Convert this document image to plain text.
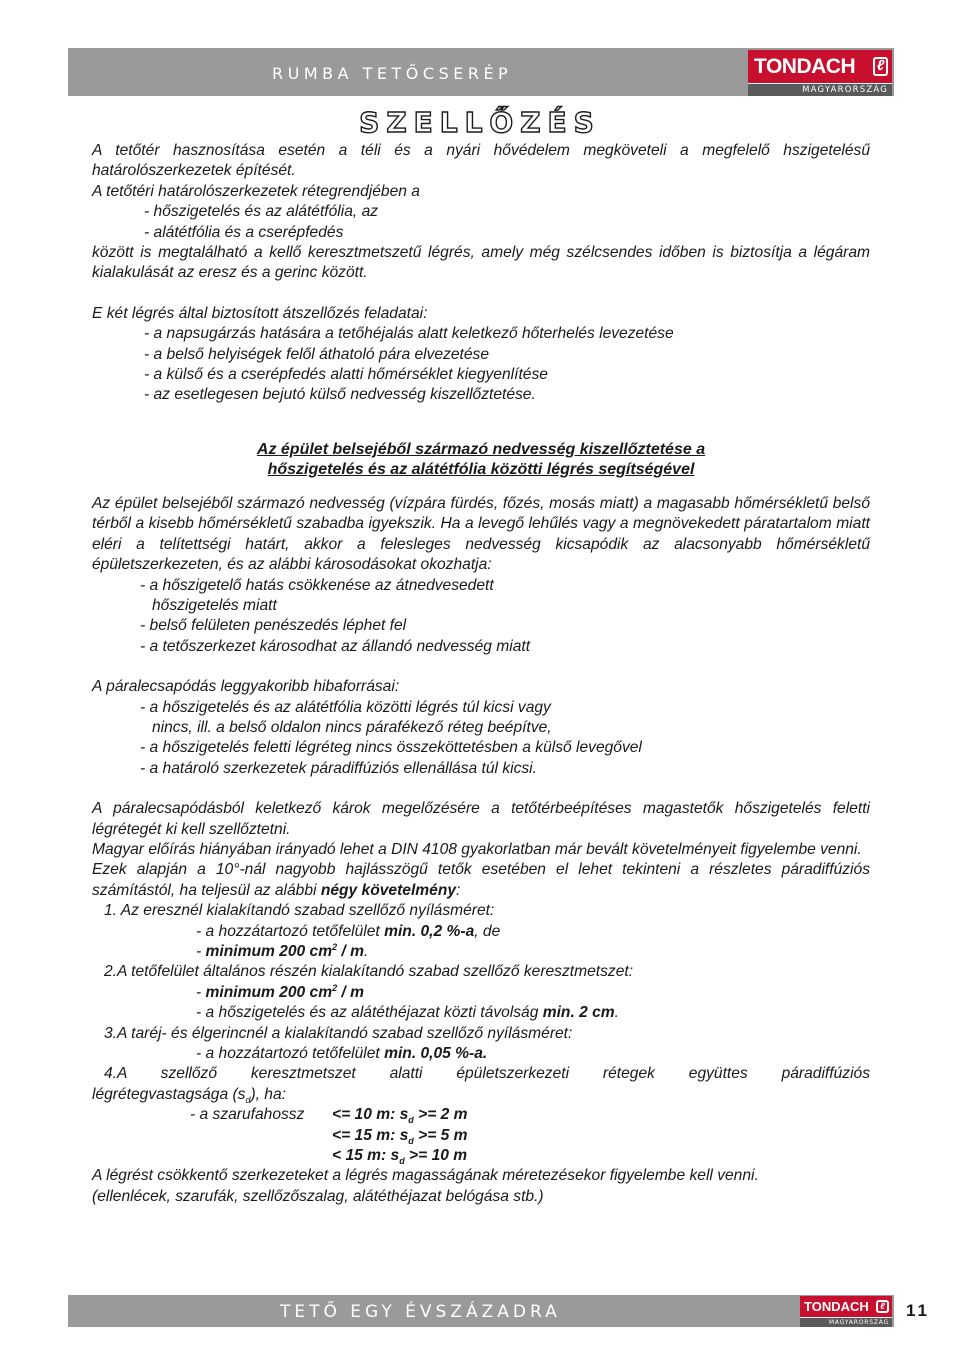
RUMBA TETŐCSERÉP	TONDACH ℓ
MAGYARORSZÁG
SZELLŐZÉS

A tetőtér hasznosítása esetén a téli és a nyári hővédelem megköveteli a megfelelő hszigetelésű határolószerkezetek építését.

A tetőtéri határolószerkezetek rétegrendjében a

- hőszigetelés és az alátétfólia, az

- alátétfólia és a cserépfedés

között is megtalálható a kellő keresztmetszetű légrés, amely még szélcsendes időben is biztosítja a légáram kialakulását az eresz és a gerinc között.

E két légrés által biztosított átszellőzés feladatai:

- a napsugárzás hatására a tetőhéjalás alatt keletkező hőterhelés levezetése

- a belső helyiségek felől áthatoló pára elvezetése

- a külső és a cserépfedés alatti hőmérséklet kiegyenlítése

- az esetlegesen bejutó külső nedvesség kiszellőztetése.

Az épület belsejéből származó nedvesség kiszellőztetése a

hőszigetelés és az alátétfólia közötti légrés segítségével

Az épület belsejéből származó nedvesség (vízpára fürdés, főzés, mosás miatt) a magasabb hőmérsékletű belső térből a kisebb hőmérsékletű szabadba igyekszik. Ha a levegő lehűlés vagy a megnövekedett páratartalom miatt eléri a telítettségi határt, akkor a felesleges nedvesség kicsapódik az alacsonyabb hőmérsékletű épületszerkezeten, és az alábbi károsodásokat okozhatja:

- a hőszigetelő hatás csökkenése az átnedvesedett

hőszigetelés miatt

- belső felületen penészedés léphet fel

- a tetőszerkezet károsodhat az állandó nedvesség miatt

A páralecsapódás leggyakoribb hibaforrásai:

- a hőszigetelés és az alátétfólia közötti légrés túl kicsi vagy

nincs, ill. a belső oldalon nincs párafékező réteg beépítve,

- a hőszigetelés feletti légréteg nincs összeköttetésben a külső levegővel

- a határoló szerkezetek páradiffúziós ellenállása túl kicsi.

A páralecsapódásból keletkező károk megelőzésére a tetőtérbeépítéses magastetők hőszigetelés feletti légrétegét ki kell szellőztetni.

Magyar előírás hiányában irányadó lehet a DIN 4108 gyakorlatban már bevált követelményeit figyelembe venni.

Ezek alapján a 10°-nál nagyobb hajlásszögű tetők esetében el lehet tekinteni a részletes páradiffúziós számítástól, ha teljesül az alábbi négy követelmény:

1. Az eresznél kialakítandó szabad szellőző nyílásméret:

- a hozzátartozó tetőfelület min. 0,2 %-a, de

- minimum 200 $cm^2$ / m.

2.A tetőfelület általános részén kialakítandó szabad szellőző keresztmetszet:

- minimum 200 $cm^2$ / m

- a hőszigetelés és az alátéthéjazat közti távolság min. 2 cm.

3.A taréj- és élgerincnél a kialakítandó szabad szellőző nyílásméret:

- a hozzátartozó tetőfelület min. 0,05 %-a.

4.A szellőző keresztmetszet alatti épületszerkezeti rétegek együttes páradiffúziós

légrétegvastagsága $(s_d)$, ha:

- a szarufahossz	<= 10 m: $s_d >= 2$ m
<= 15 m: $s_d >= 5$ m
< 15 m: $s_d >= 10$ m

A légrést csökkentő szerkezeteket a légrés magasságának méretezésekor figyelembe kell venni.

(ellenlécek, szarufák, szellőzőszalag, alátéthéjazat belógása stb.)

TETŐ EGY ÉVSZÁZADRA	TONDACH	ℓ
MAGYARORSZÁG
11
